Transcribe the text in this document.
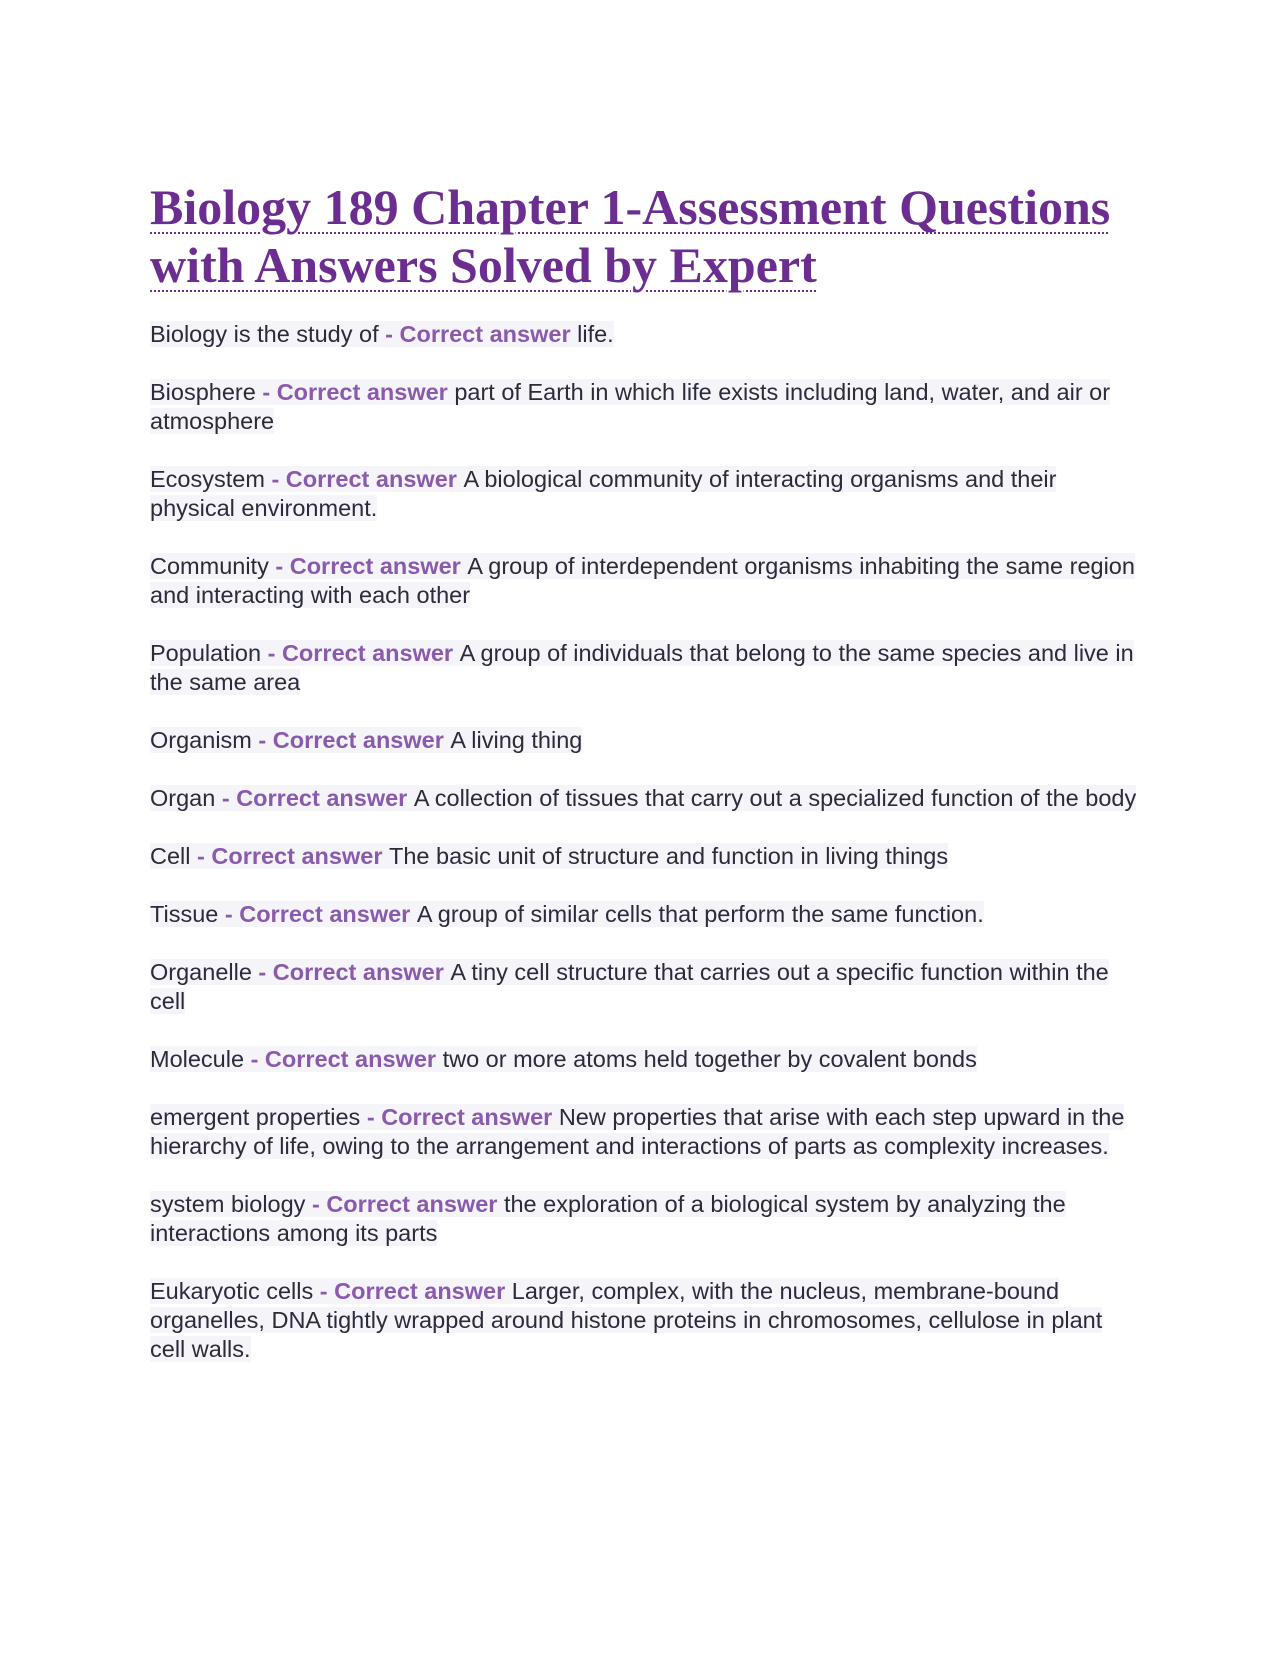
Biology 189 Chapter 1-Assessment Questions with Answers Solved by Expert
Biology is the study of - Correct answer life.
Biosphere - Correct answer part of Earth in which life exists including land, water, and air or atmosphere
Ecosystem - Correct answer A biological community of interacting organisms and their physical environment.
Community - Correct answer A group of interdependent organisms inhabiting the same region and interacting with each other
Population - Correct answer A group of individuals that belong to the same species and live in the same area
Organism - Correct answer A living thing
Organ - Correct answer A collection of tissues that carry out a specialized function of the body
Cell - Correct answer The basic unit of structure and function in living things
Tissue - Correct answer A group of similar cells that perform the same function.
Organelle - Correct answer A tiny cell structure that carries out a specific function within the cell
Molecule - Correct answer two or more atoms held together by covalent bonds
emergent properties - Correct answer New properties that arise with each step upward in the hierarchy of life, owing to the arrangement and interactions of parts as complexity increases.
system biology - Correct answer the exploration of a biological system by analyzing the interactions among its parts
Eukaryotic cells - Correct answer Larger, complex, with the nucleus, membrane-bound organelles, DNA tightly wrapped around histone proteins in chromosomes, cellulose in plant cell walls.
